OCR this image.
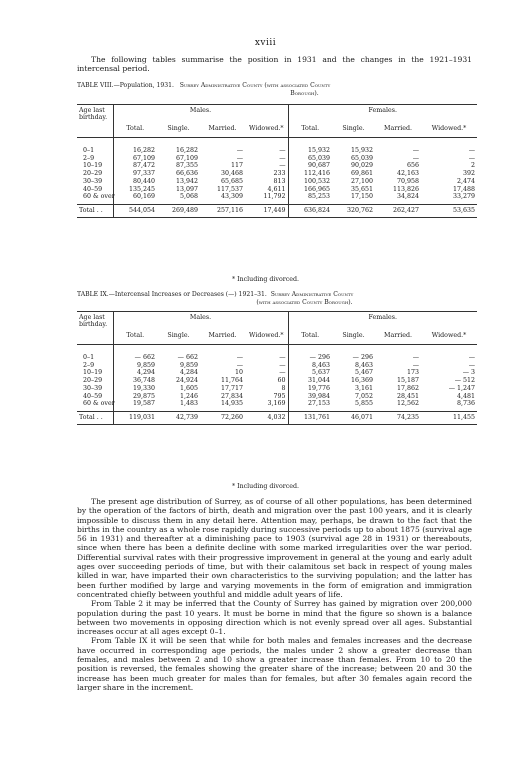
xviii

The following tables summarise the position in 1931 and the changes in the 1921–1931 intercensal period.

TABLE VIII.—Population, 1931. Surrey Administrative County (with associated County
Borough).
Age last birthday.	Males.				Females.			
	Total.	Single.	Married.	Widowed.*	Total.	Single.	Married.	Widowed.*
0–1	16,282	16,282	—	—	15,932	15,932	—	—
2–9	67,109	67,109	—	—	65,039	65,039	—	—
10–19	87,472	87,355	117	—	90,687	90,029	656	2
20–29	97,337	66,636	30,468	233	112,416	69,861	42,163	392
30–39	80,440	13,942	65,685	813	100,532	27,100	70,958	2,474
40–59	135,245	13,097	117,537	4,611	166,965	35,651	113,826	17,488
60 & over	60,169	5,068	43,309	11,792	85,253	17,150	34,824	33,279
Total . .	544,054	269,489	257,116	17,449	636,824	320,762	262,427	53,635
* Including divorced.
TABLE IX.—Intercensal Increases or Decreases (—) 1921–31. Surrey Administrative County
(with associated County Borough).
Age last birthday.	Males.				Females.			
	Total.	Single.	Married.	Widowed.*	Total.	Single.	Married.	Widowed.*
0–1	— 662	— 662	—	—	— 296	— 296	—	—
2–9	9,859	9,859	—	—	8,463	8,463	—	—
10–19	4,294	4,284	10	—	5,637	5,467	173	— 3
20–29	36,748	24,924	11,764	60	31,044	16,369	15,187	— 512
30–39	19,330	1,605	17,717	8	19,776	3,161	17,862	— 1,247
40–59	29,875	1,246	27,834	795	39,984	7,052	28,451	4,481
60 & over	19,587	1,483	14,935	3,169	27,153	5,855	12,562	8,736
Total . .	119,031	42,739	72,260	4,032	131,761	46,071	74,235	11,455
* Including divorced.

The present age distribution of Surrey, as of course of all other populations, has been determined by the operation of the factors of birth, death and migration over the past 100 years, and it is clearly impossible to discuss them in any detail here. Attention may, perhaps, be drawn to the fact that the births in the country as a whole rose rapidly during successive periods up to about 1875 (survival age 56 in 1931) and thereafter at a diminishing pace to 1903 (survival age 28 in 1931) or thereabouts, since when there has been a definite decline with some marked irregularities over the war period. Differential survival rates with their progressive improvement in general at the young and early adult ages over succeeding periods of time, but with their calamitous set back in respect of young males killed in war, have imparted their own characteristics to the surviving population; and the latter has been further modified by large and varying movements in the form of emigration and immigration concentrated chiefly between youthful and middle adult years of life.

From Table 2 it may be inferred that the County of Surrey has gained by migration over 200,000 population during the past 10 years. It must be borne in mind that the figure so shown is a balance between two movements in opposing direction which is not evenly spread over all ages. Substantial increases occur at all ages except 0–1.

From Table IX it will be seen that while for both males and females increases and the decrease have occurred in corresponding age periods, the males under 2 show a greater decrease than females, and males between 2 and 10 show a greater increase than females. From 10 to 20 the position is reversed, the females showing the greater share of the increase; between 20 and 30 the increase has been much greater for males than for females, but after 30 females again record the larger share in the increment.
